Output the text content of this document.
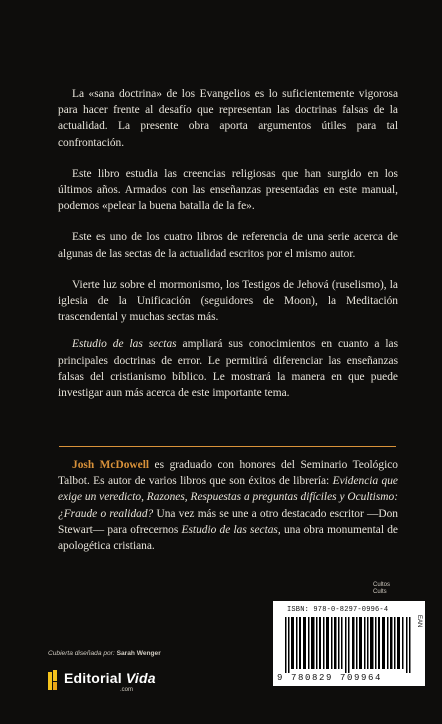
La «sana doctrina» de los Evangelios es lo suficientemente vigorosa para hacer frente al desafío que representan las doctrinas falsas de la actualidad. La presente obra aporta argumentos útiles para tal confrontación.

Este libro estudia las creencias religiosas que han surgido en los últimos años. Armados con las enseñanzas presentadas en este manual, podemos «pelear la buena batalla de la fe».

Este es uno de los cuatro libros de referencia de una serie acerca de algunas de las sectas de la actualidad escritos por el mismo autor.

Vierte luz sobre el mormonismo, los Testigos de Jehová (ruselismo), la iglesia de la Unificación (seguidores de Moon), la Meditación trascendental y muchas sectas más.

Estudio de las sectas ampliará sus conocimientos en cuanto a las principales doctrinas de error. Le permitirá diferenciar las enseñanzas falsas del cristianismo bíblico. Le mostrará la manera en que puede investigar aun más acerca de este importante tema.

Josh McDowell es graduado con honores del Seminario Teológico Talbot. Es autor de varios libros que son éxitos de librería: Evidencia que exige un veredicto, Razones, Respuestas a preguntas difíciles y Ocultismo: ¿Fraude o realidad? Una vez más se une a otro destacado escritor —Don Stewart— para ofrecernos Estudio de las sectas, una obra monumental de apologética cristiana.

Cultos
Cults
ISBN: 978-0-8297-0996-4
EAN
9 780829 709964
Cubierta diseñada por: Sarah Wenger
Editorial Vida
.com
